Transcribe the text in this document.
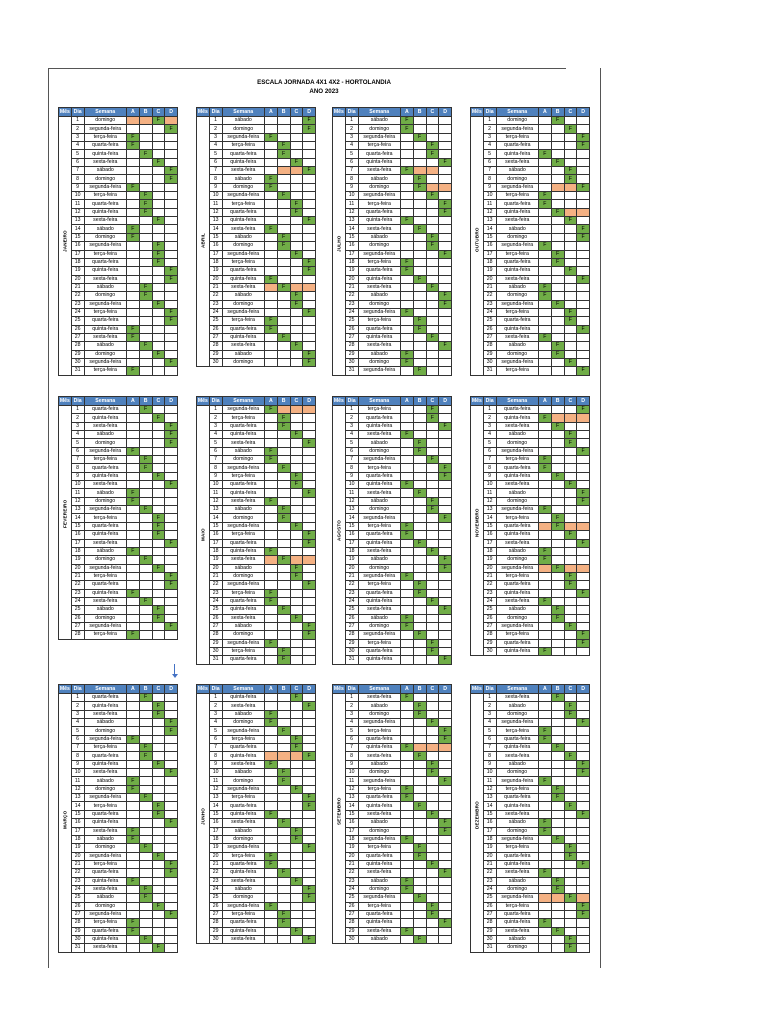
ESCALA JORNADA 4X1 4X2 - HORTOLANDIA
ANO 2023
Mês	Dia	Semana	A	B	C	D

JANEIRO	1	domingo			F	
	2	segunda-feira				F
	3	terça-feira	F			
	4	quarta-feira	F			
	5	quinta-feira		F		
	6	sexta-feira			F	
	7	sábado				F
	8	domingo				F
	9	segunda-feira	F			
	10	terça-feira		F		
	11	quarta-feira		F		
	12	quinta-feira		F		
	13	sexta-feira			F	
	14	sábado	F			
	15	domingo	F			
	16	segunda-feira			F	
	17	terça-feira			F	
	18	quarta-feira			F	
	19	quinta-feira				F
	20	sexta-feira				F
	21	sábado		F		
	22	domingo		F		
	23	segunda-feira			F	
	24	terça-feira				F
	25	quarta-feira				F
	26	quinta-feira	F			
	27	sexta-feira	F			
	28	sábado		F		
	29	domingo			F	
	30	segunda-feira				F
	31	terça-feira	F			
Mês	Dia	Semana	A	B	C	D

FEVEREIRO	1	quarta-feira		F		
	2	quinta-feira			F	
	3	sexta-feira				F
	4	sábado				F
	5	domingo				F
	6	segunda-feira	F			
	7	terça-feira		F		
	8	quarta-feira		F		
	9	quinta-feira			F	
	10	sexta-feira				F
	11	sábado	F			
	12	domingo	F			
	13	segunda-feira		F		
	14	terça-feira			F	
	15	quarta-feira			F	
	16	quinta-feira			F	
	17	sexta-feira				F
	18	sábado	F			
	19	domingo		F		
	20	segunda-feira			F	
	21	terça-feira				F
	22	quarta-feira				F
	23	quinta-feira	F			
	24	sexta-feira		F		
	25	sábado			F	
	26	domingo			F	
	27	segunda-feira				F
	28	terça-feira	F			
Mês	Dia	Semana	A	B	C	D

MARÇO	1	quarta-feira		F		
	2	quinta-feira			F	
	3	sexta-feira			F	
	4	sábado				F
	5	domingo				F
	6	segunda-feira	F			
	7	terça-feira		F		
	8	quarta-feira		F		
	9	quinta-feira			F	
	10	sexta-feira				F
	11	sábado	F			
	12	domingo	F			
	13	segunda-feira		F		
	14	terça-feira			F	
	15	quarta-feira			F	
	16	quinta-feira				F
	17	sexta-feira	F			
	18	sábado	F			
	19	domingo		F		
	20	segunda-feira			F	
	21	terça-feira				F
	22	quarta-feira				F
	23	quinta-feira	F			
	24	sexta-feira		F		
	25	sábado		F		
	26	domingo			F	
	27	segunda-feira				F
	28	terça-feira	F			
	29	quarta-feira	F			
	30	quinta-feira		F		
	31	sexta-feira			F	
Mês	Dia	Semana	A	B	C	D

ABRIL	1	sábado				F
	2	domingo				F
	3	segunda-feira	F			
	4	terça-feira		F		
	5	quarta-feira		F		
	6	quinta-feira			F	
	7	sexta-feira				F
	8	sábado	F			
	9	domingo	F			
	10	segunda-feira		F		
	11	terça-feira			F	
	12	quarta-feira			F	
	13	quinta-feira				F
	14	sexta-feira	F			
	15	sábado		F		
	16	domingo		F		
	17	segunda-feira			F	
	18	terça-feira				F
	19	quarta-feira				F
	20	quinta-feira	F			
	21	sexta-feira		F		
	22	sábado			F	
	23	domingo			F	
	24	segunda-feira				F
	25	terça-feira	F			
	26	quarta-feira	F			
	27	quinta-feira		F		
	28	sexta-feira			F	
	29	sábado				F
	30	domingo				F
Mês	Dia	Semana	A	B	C	D

MAIO	1	segunda-feira	F			
	2	terça-feira		F		
	3	quarta-feira		F		
	4	quinta-feira			F	
	5	sexta-feira				F
	6	sábado	F			
	7	domingo	F			
	8	segunda-feira		F		
	9	terça-feira			F	
	10	quarta-feira			F	
	11	quinta-feira				F
	12	sexta-feira	F			
	13	sábado		F		
	14	domingo		F		
	15	segunda-feira			F	
	16	terça-feira				F
	17	quarta-feira				F
	18	quinta-feira	F			
	19	sexta-feira		F		
	20	sábado			F	
	21	domingo			F	
	22	segunda-feira				F
	23	terça-feira	F			
	24	quarta-feira	F			
	25	quinta-feira		F		
	26	sexta-feira			F	
	27	sábado				F
	28	domingo				F
	29	segunda-feira	F			
	30	terça-feira		F		
	31	quarta-feira		F		
Mês	Dia	Semana	A	B	C	D

JUNHO	1	quinta-feira			F	
	2	sexta-feira				F
	3	sábado	F			
	4	domingo	F			
	5	segunda-feira		F		
	6	terça-feira			F	
	7	quarta-feira			F	
	8	quinta-feira				F
	9	sexta-feira	F			
	10	sábado		F		
	11	domingo		F		
	12	segunda-feira			F	
	13	terça-feira				F
	14	quarta-feira				F
	15	quinta-feira	F			
	16	sexta-feira		F		
	17	sábado			F	
	18	domingo			F	
	19	segunda-feira				F
	20	terça-feira	F			
	21	quarta-feira	F			
	22	quinta-feira		F		
	23	sexta-feira			F	
	24	sábado				F
	25	domingo				F
	26	segunda-feira	F			
	27	terça-feira		F		
	28	quarta-feira		F		
	29	quinta-feira			F	
	30	sexta-feira				F
Mês	Dia	Semana	A	B	C	D

JULHO	1	sábado	F			
	2	domingo	F			
	3	segunda-feira		F		
	4	terça-feira			F	
	5	quarta-feira			F	
	6	quinta-feira				F
	7	sexta-feira	F			
	8	sábado		F		
	9	domingo		F		
	10	segunda-feira			F	
	11	terça-feira				F
	12	quarta-feira				F
	13	quinta-feira	F			
	14	sexta-feira		F		
	15	sábado			F	
	16	domingo			F	
	17	segunda-feira				F
	18	terça-feira	F			
	19	quarta-feira	F			
	20	quinta-feira		F		
	21	sexta-feira			F	
	22	sábado				F
	23	domingo				F
	24	segunda-feira	F			
	25	terça-feira		F		
	26	quarta-feira		F		
	27	quinta-feira			F	
	28	sexta-feira				F
	29	sábado	F			
	30	domingo	F			
	31	segunda-feira		F		
Mês	Dia	Semana	A	B	C	D

AGOSTO	1	terça-feira			F	
	2	quarta-feira			F	
	3	quinta-feira				F
	4	sexta-feira	F			
	5	sábado		F		
	6	domingo		F		
	7	segunda-feira			F	
	8	terça-feira				F
	9	quarta-feira				F
	10	quinta-feira	F			
	11	sexta-feira		F		
	12	sábado			F	
	13	domingo			F	
	14	segunda-feira				F
	15	terça-feira	F			
	16	quarta-feira	F			
	17	quinta-feira		F		
	18	sexta-feira			F	
	19	sábado				F
	20	domingo				F
	21	segunda-feira	F			
	22	terça-feira		F		
	23	quarta-feira		F		
	24	quinta-feira			F	
	25	sexta-feira				F
	26	sábado	F			
	27	domingo	F			
	28	segunda-feira		F		
	29	terça-feira			F	
	30	quarta-feira			F	
	31	quinta-feira				F
Mês	Dia	Semana	A	B	C	D

SETEMBRO	1	sexta-feira	F			
	2	sábado		F		
	3	domingo		F		
	4	segunda-feira			F	
	5	terça-feira				F
	6	quarta-feira				F
	7	quinta-feira	F			
	8	sexta-feira		F		
	9	sábado			F	
	10	domingo			F	
	11	segunda-feira				F
	12	terça-feira	F			
	13	quarta-feira	F			
	14	quinta-feira		F		
	15	sexta-feira			F	
	16	sábado				F
	17	domingo				F
	18	segunda-feira	F			
	19	terça-feira		F		
	20	quarta-feira		F		
	21	quinta-feira			F	
	22	sexta-feira				F
	23	sábado	F			
	24	domingo	F			
	25	segunda-feira		F		
	26	terça-feira			F	
	27	quarta-feira			F	
	28	quinta-feira				F
	29	sexta-feira	F			
	30	sábado		F		
Mês	Dia	Semana	A	B	C	D

OUTUBRO	1	domingo		F		
	2	segunda-feira			F	
	3	terça-feira				F
	4	quarta-feira				F
	5	quinta-feira	F			
	6	sexta-feira		F		
	7	sábado			F	
	8	domingo			F	
	9	segunda-feira				F
	10	terça-feira	F			
	11	quarta-feira	F			
	12	quinta-feira		F		
	13	sexta-feira			F	
	14	sábado				F
	15	domingo				F
	16	segunda-feira	F			
	17	terça-feira		F		
	18	quarta-feira		F		
	19	quinta-feira			F	
	20	sexta-feira				F
	21	sábado	F			
	22	domingo	F			
	23	segunda-feira		F		
	24	terça-feira			F	
	25	quarta-feira			F	
	26	quinta-feira				F
	27	sexta-feira	F			
	28	sábado		F		
	29	domingo		F		
	30	segunda-feira			F	
	31	terça-feira				F
Mês	Dia	Semana	A	B	C	D

NOVEMBRO	1	quarta-feira				F
	2	quinta-feira	F			
	3	sexta-feira		F		
	4	sábado			F	
	5	domingo			F	
	6	segunda-feira				F
	7	terça-feira	F			
	8	quarta-feira	F			
	9	quinta-feira		F		
	10	sexta-feira			F	
	11	sábado				F
	12	domingo				F
	13	segunda-feira	F			
	14	terça-feira		F		
	15	quarta-feira		F		
	16	quinta-feira			F	
	17	sexta-feira				F
	18	sábado	F			
	19	domingo	F			
	20	segunda-feira		F		
	21	terça-feira			F	
	22	quarta-feira			F	
	23	quinta-feira				F
	24	sexta-feira	F			
	25	sábado		F		
	26	domingo		F		
	27	segunda-feira			F	
	28	terça-feira				F
	29	quarta-feira				F
	30	quinta-feira	F			
Mês	Dia	Semana	A	B	C	D

DEZEMBRO	1	sexta-feira		F		
	2	sábado			F	
	3	domingo			F	
	4	segunda-feira				F
	5	terça-feira	F			
	6	quarta-feira	F			
	7	quinta-feira		F		
	8	sexta-feira			F	
	9	sábado				F
	10	domingo				F
	11	segunda-feira	F			
	12	terça-feira		F		
	13	quarta-feira		F		
	14	quinta-feira			F	
	15	sexta-feira				F
	16	sábado	F			
	17	domingo	F			
	18	segunda-feira		F		
	19	terça-feira			F	
	20	quarta-feira			F	
	21	quinta-feira				F
	22	sexta-feira	F			
	23	sábado		F		
	24	domingo		F		
	25	segunda-feira			F	
	26	terça-feira				F
	27	quarta-feira				F
	28	quinta-feira	F			
	29	sexta-feira		F		
	30	sábado			F	
	31	domingo			F	
